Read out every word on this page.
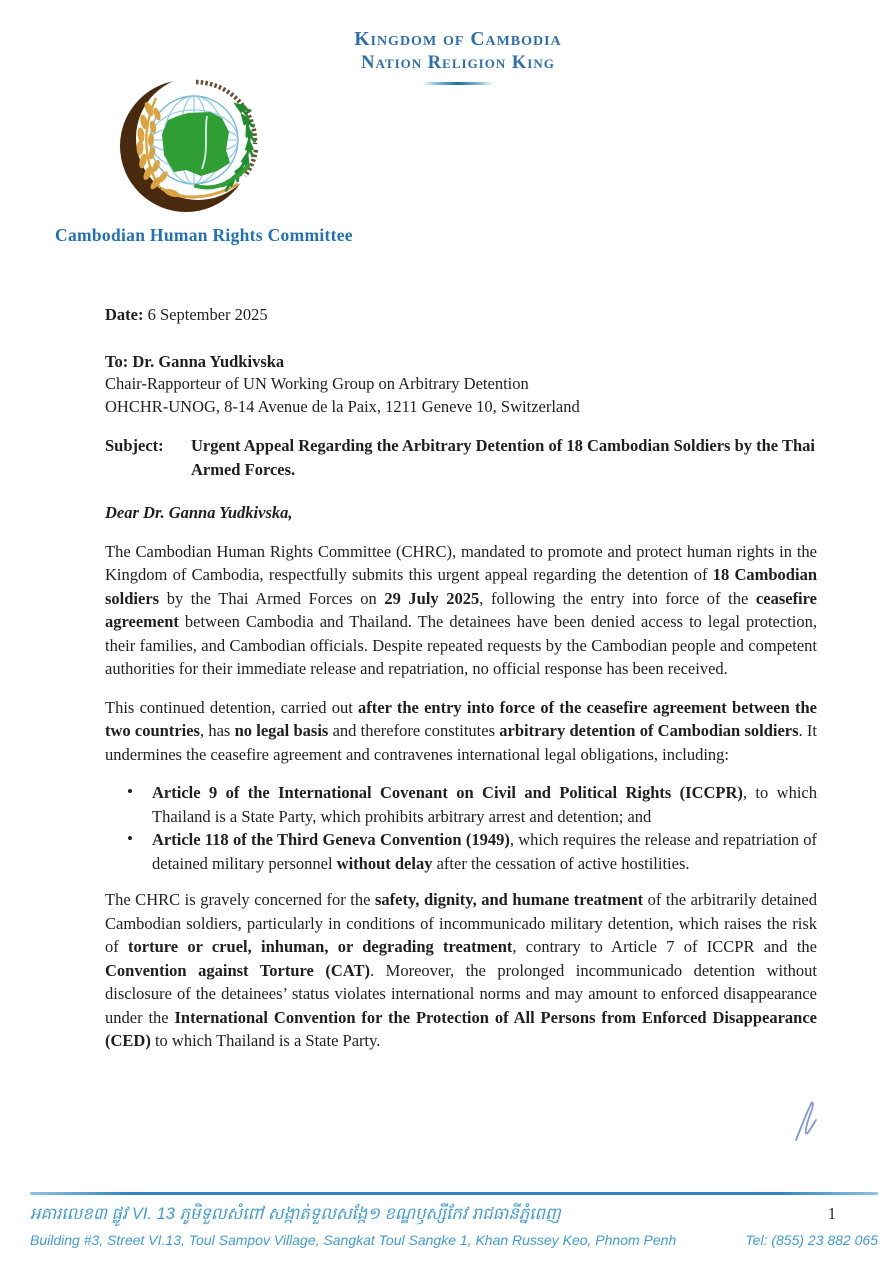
Kingdom of Cambodia
Nation Religion King
Cambodian Human Rights Committee

Date: 6 September 2025

To: Dr. Ganna Yudkivska
Chair-Rapporteur of UN Working Group on Arbitrary Detention
OHCHR-UNOG, 8-14 Avenue de la Paix, 1211 Geneve 10, Switzerland
Subject: Urgent Appeal Regarding the Arbitrary Detention of 18 Cambodian Soldiers by the Thai Armed Forces.

Dear Dr. Ganna Yudkivska,

The Cambodian Human Rights Committee (CHRC), mandated to promote and protect human rights in the Kingdom of Cambodia, respectfully submits this urgent appeal regarding the detention of 18 Cambodian soldiers by the Thai Armed Forces on 29 July 2025, following the entry into force of the ceasefire agreement between Cambodia and Thailand. The detainees have been denied access to legal protection, their families, and Cambodian officials. Despite repeated requests by the Cambodian people and competent authorities for their immediate release and repatriation, no official response has been received.

This continued detention, carried out after the entry into force of the ceasefire agreement between the two countries, has no legal basis and therefore constitutes arbitrary detention of Cambodian soldiers. It undermines the ceasefire agreement and contravenes international legal obligations, including:

• Article 9 of the International Covenant on Civil and Political Rights (ICCPR), to which Thailand is a State Party, which prohibits arbitrary arrest and detention; and
• Article 118 of the Third Geneva Convention (1949), which requires the release and repatriation of detained military personnel without delay after the cessation of active hostilities.

The CHRC is gravely concerned for the safety, dignity, and humane treatment of the arbitrarily detained Cambodian soldiers, particularly in conditions of incommunicado military detention, which raises the risk of torture or cruel, inhuman, or degrading treatment, contrary to Article 7 of ICCPR and the Convention against Torture (CAT). Moreover, the prolonged incommunicado detention without disclosure of the detainees’ status violates international norms and may amount to enforced disappearance under the International Convention for the Protection of All Persons from Enforced Disappearance (CED) to which Thailand is a State Party.

អគារលេខ៣ ផ្លូវ VI. 13 ភូមិទួលសំពៅ សង្កាត់ទួលសង្កែ១ ខណ្ឌឫស្សីកែវ រាជធានីភ្នំពេញ	1
Building #3, Street VI.13, Toul Sampov Village, Sangkat Toul Sangke 1, Khan Russey Keo, Phnom Penh	Tel: (855) 23 882 065
